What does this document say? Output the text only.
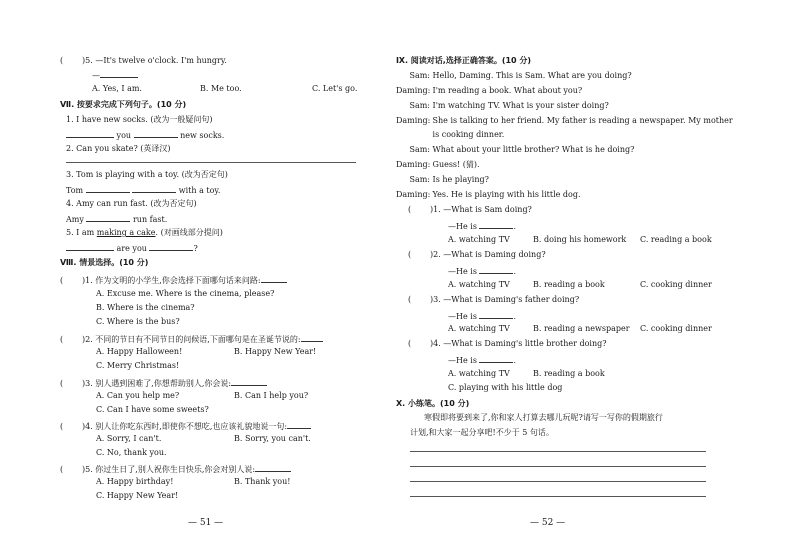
( )5. —It's twelve o'clock. I'm hungry.
—
A. Yes, I am.	B. Me too.	C. Let's go.
Ⅶ. 按要求完成下列句子。(10 分)
1. I have new socks. (改为一般疑问句)
you	new socks.
2. Can you skate? (英译汉)
3. Tom is playing with a toy. (改为否定句)
Tom	with a toy.
4. Amy can run fast. (改为否定句)
Amy	run fast.
5. I am making a cake. (对画线部分提问)
are you	?
Ⅷ. 情景选择。(10 分)
( )1. 作为文明的小学生,你会选择下面哪句话来问路:
A. Excuse me. Where is the cinema, please?
B. Where is the cinema?
C. Where is the bus?
( )2. 不同的节日有不同节日的问候语,下面哪句是在圣诞节说的:
A. Happy Halloween!	B. Happy New Year!
C. Merry Christmas!
( )3. 别人遇到困难了,你想帮助别人,你会说:
A. Can you help me?	B. Can I help you?
C. Can I have some sweets?
( )4. 别人让你吃东西时,即使你不想吃,也应该礼貌地说一句:
A. Sorry, I can't.	B. Sorry, you can't.
C. No, thank you.
( )5. 你过生日了,别人祝你生日快乐,你会对别人说:
A. Happy birthday!	B. Thank you!
C. Happy New Year!
— 51 —
Ⅸ. 阅读对话,选择正确答案。(10 分)
Sam: Hello, Daming. This is Sam. What are you doing?
Daming: I'm reading a book. What about you?
Sam: I'm watching TV. What is your sister doing?
Daming: She is talking to her friend. My father is reading a newspaper. My mother
is cooking dinner.
Sam: What about your little brother? What is he doing?
Daming: Guess! (猜).
Sam: Is he playing?
Daming: Yes. He is playing with his little dog.
( )1. —What is Sam doing?
—He is	.
A. watching TV	B. doing his homework C. reading a book
( )2. —What is Daming doing?
—He is	.
A. watching TV	B. reading a book	C. cooking dinner
( )3. —What is Daming's father doing?
—He is	.
A. watching TV	B. reading a newspaper C. cooking dinner
( )4. —What is Daming's little brother doing?
—He is	.
A. watching TV	B. reading a book
C. playing with his little dog
Ⅹ. 小练笔。(10 分)
寒假即将要到来了,你和家人打算去哪儿玩呢?请写一写你的假期旅行
计划,和大家一起分享吧!不少于 5 句话。
— 52 —
